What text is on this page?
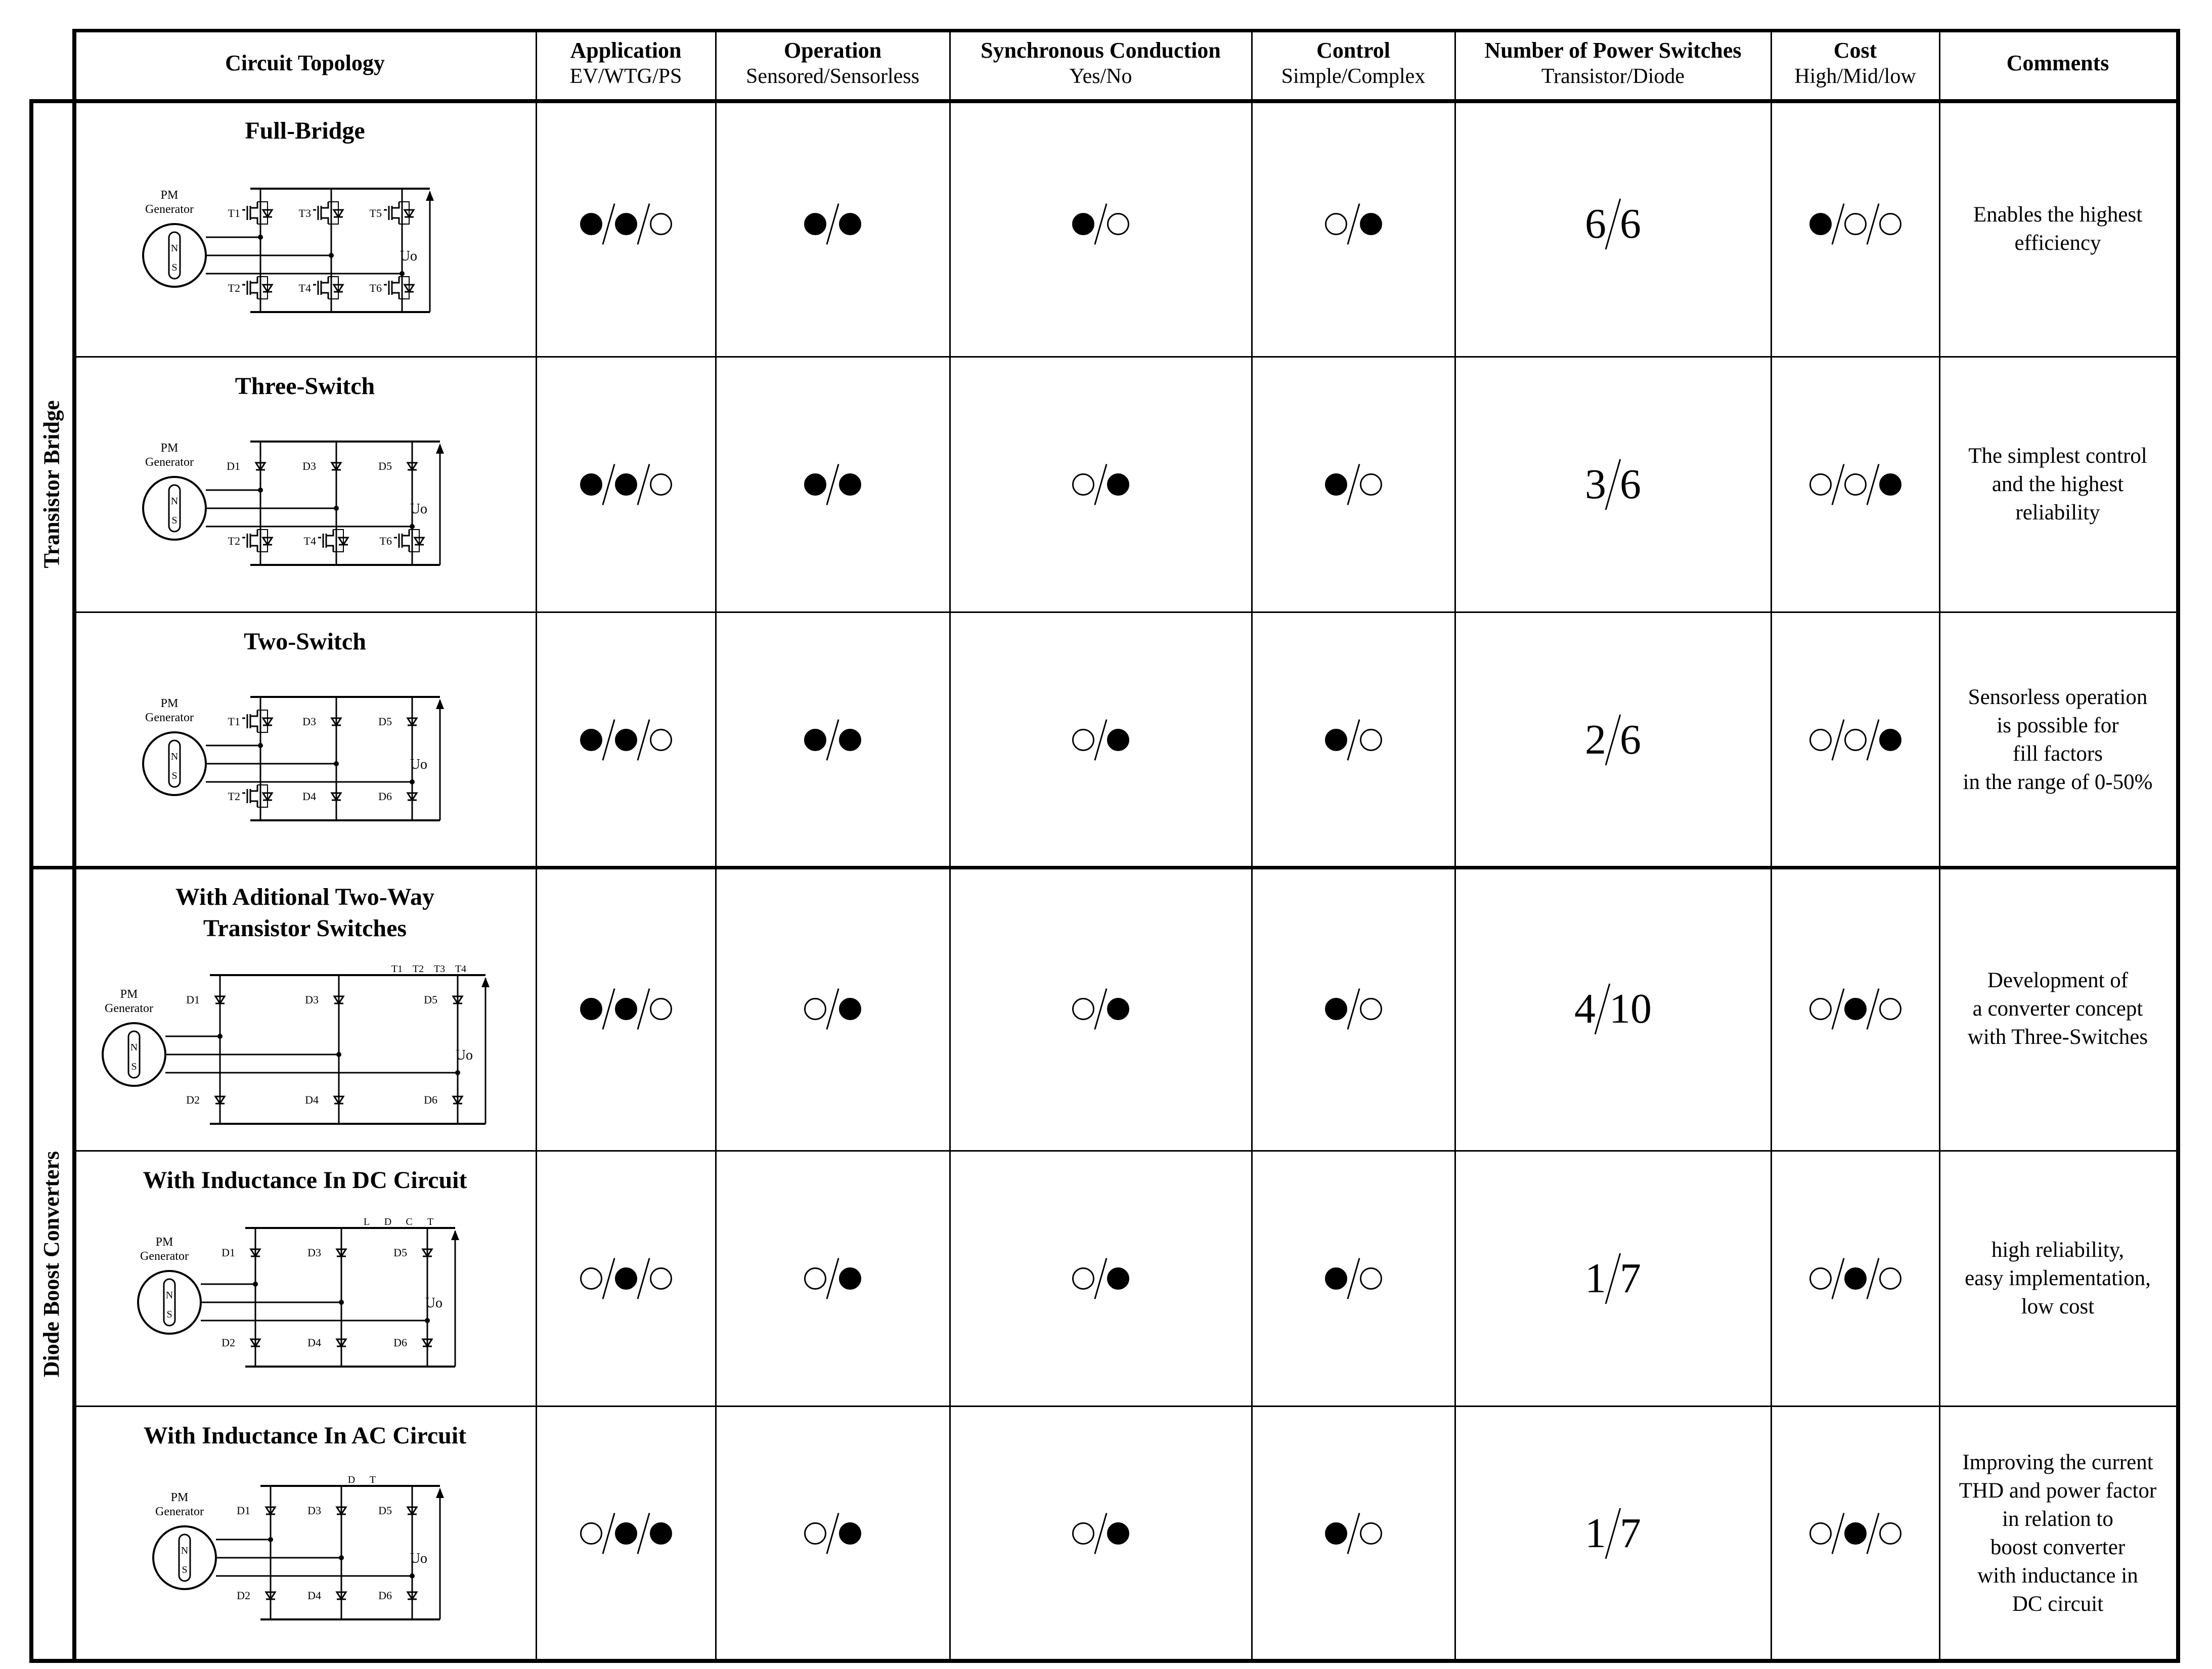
Circuit Topology
Application
EV/WTG/PS
Operation
Sensored/Sensorless
Synchronous Conduction
Yes/No
Control
Simple/Complex
Number of Power Switches
Transistor/Diode
Cost
High/Mid/low
Comments
Transistor Bridge
Diode Boost Converters
Full-Bridge
6 6	Enables the highest
efficiency
Three-Switch
3 6
The simplest control
and the highest
reliability
Two-Switch
2 6
Sensorless operation
is possible for
fill factors
in the range of 0-50%
With Aditional Two-Way
Transistor Switches
4 10
Development of
a converter concept
with Three-Switches
With Inductance In DC Circuit
1 7
high reliability,
easy implementation,
low cost
With Inductance In AC Circuit
1 7
Improving the current
THD and power factor
in relation to
boost converter
with inductance in
DC circuit
N
S
PM
Generator
Uo
T1
T2
T3
T4
T5
T6
N
S
PM
Generator
Uo
D1
T2
D3
T4
D5
T6
N
S
PM
Generator
Uo
T1
T2
D3
D4
D5
D6
N
S
PM
Generator
Uo
D1
D2
D3
D4
D5
D6
T1 T2 T3 T4
N
S
PM
Generator
Uo
D1
D2
D3
D4
D5
D6
L D C T
N
S
PM
Generator
Uo
D1
D2
D3
D4
D5
D6
D T
